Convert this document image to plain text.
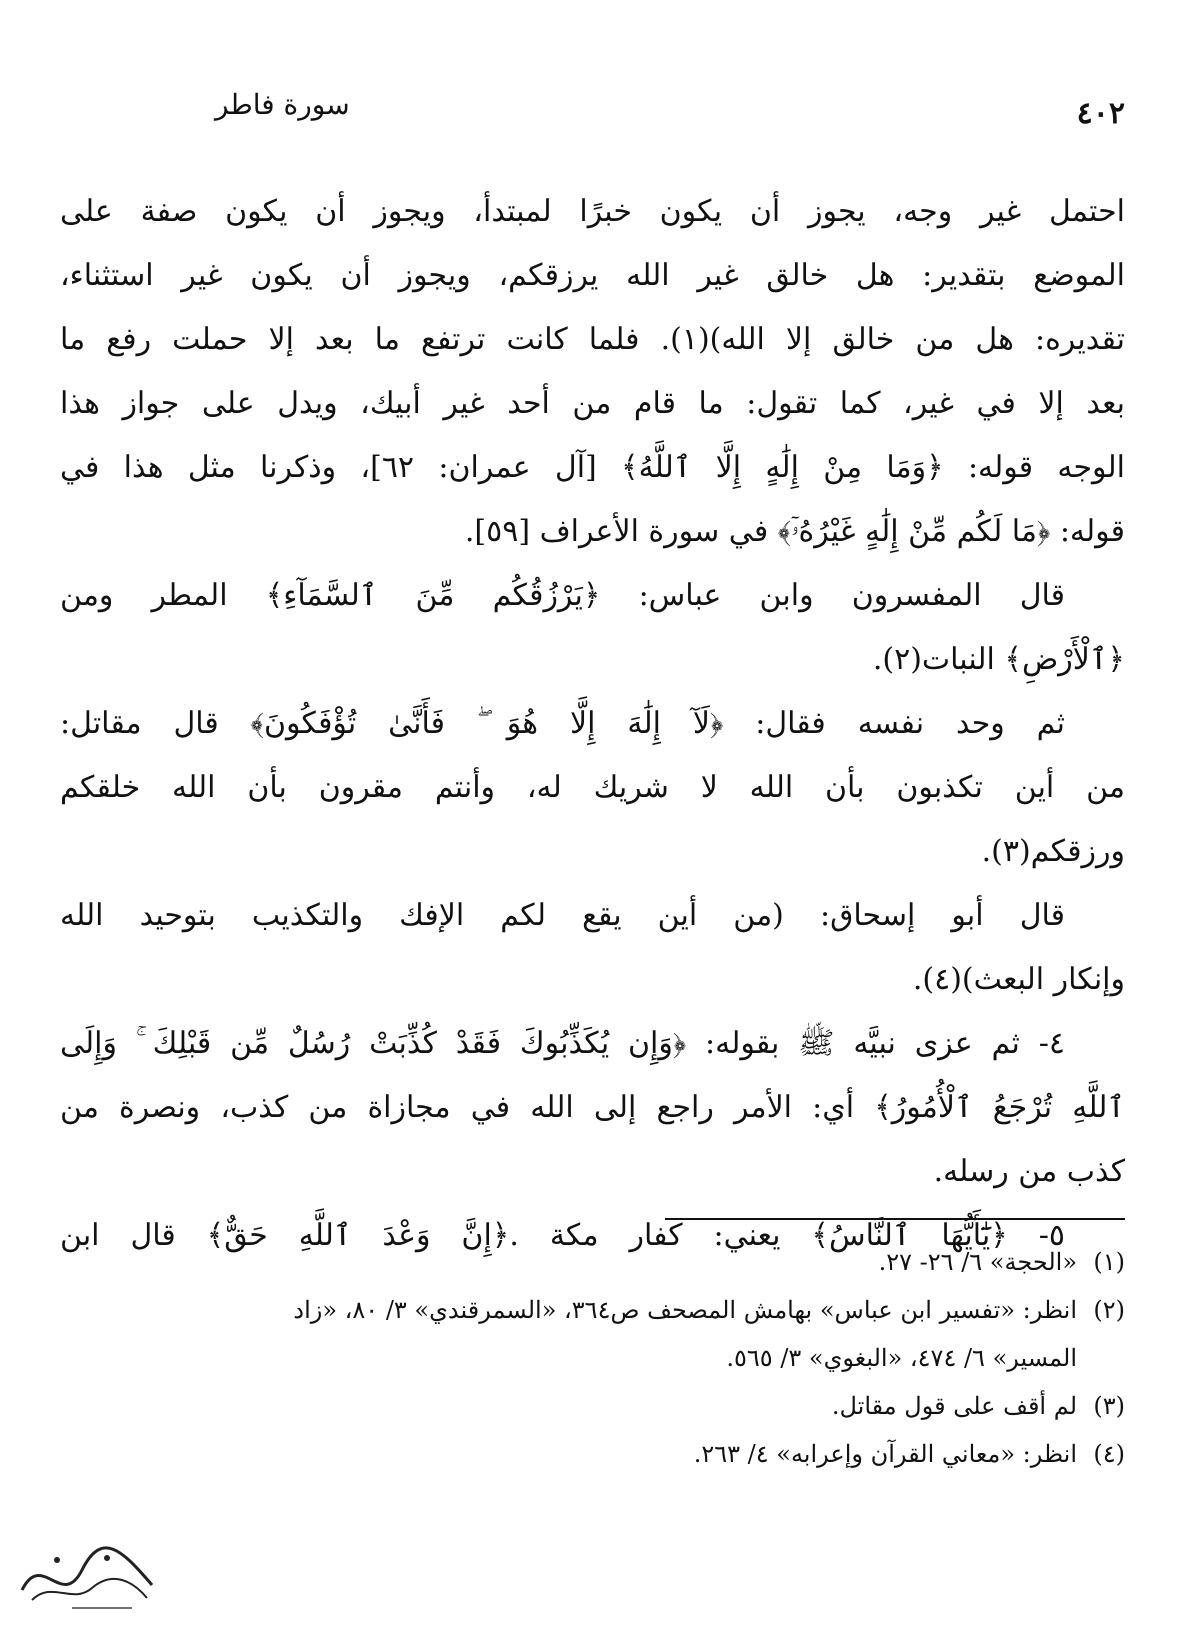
سورة فاطر	٤٠٢
احتمل غير وجه، يجوز أن يكون خبرًا لمبتدأ، ويجوز أن يكون صفة على
الموضع بتقدير: هل خالق غير الله يرزقكم، ويجوز أن يكون غير استثناء،
تقديره: هل من خالق إلا الله)(١). فلما كانت ترتفع ما بعد إلا حملت رفع ما
بعد إلا في غير، كما تقول: ما قام من أحد غير أبيك، ويدل على جواز هذا
الوجه قوله: ﴿وَمَا مِنْ إِلَٰهٍ إِلَّا ٱللَّهُ﴾ [آل عمران: ٦٢]، وذكرنا مثل هذا في
قوله: ﴿مَا لَكُم مِّنْ إِلَٰهٍ غَيْرُهُۥٓ﴾ في سورة الأعراف [٥٩].
قال المفسرون وابن عباس: ﴿يَرْزُقُكُم مِّنَ ٱلسَّمَآءِ﴾ المطر ومن
﴿ٱلْأَرْضِ﴾ النبات(٢).
ثم وحد نفسه فقال: ﴿لَآ إِلَٰهَ إِلَّا هُوَ ۖ فَأَنَّىٰ تُؤْفَكُونَ﴾ قال مقاتل:
من أين تكذبون بأن الله لا شريك له، وأنتم مقرون بأن الله خلقكم
ورزقكم(٣).
قال أبو إسحاق: (من أين يقع لكم الإفك والتكذيب بتوحيد الله
وإنكار البعث)(٤).
٤- ثم عزى نبيَّه ﷺ بقوله: ﴿وَإِن يُكَذِّبُوكَ فَقَدْ كُذِّبَتْ رُسُلٌ مِّن قَبْلِكَ ۚ وَإِلَى
ٱللَّهِ تُرْجَعُ ٱلْأُمُورُ﴾ أي: الأمر راجع إلى الله في مجازاة من كذب، ونصرة من
كذب من رسله.
٥- ﴿يَٰٓأَيُّهَا ٱلنَّاسُ﴾ يعني: كفار مكة .﴿إِنَّ وَعْدَ ٱللَّهِ حَقٌّ﴾ قال ابن
(١)«الحجة» ٦/ ٢٦- ٢٧.
(٢)انظر: «تفسير ابن عباس» بهامش المصحف ص٣٦٤، «السمرقندي» ٣/ ٨٠، «زاد
المسير» ٦/ ٤٧٤، «البغوي» ٣/ ٥٦٥.
(٣)لم أقف على قول مقاتل.
(٤)انظر: «معاني القرآن وإعرابه» ٤/ ٢٦٣.
